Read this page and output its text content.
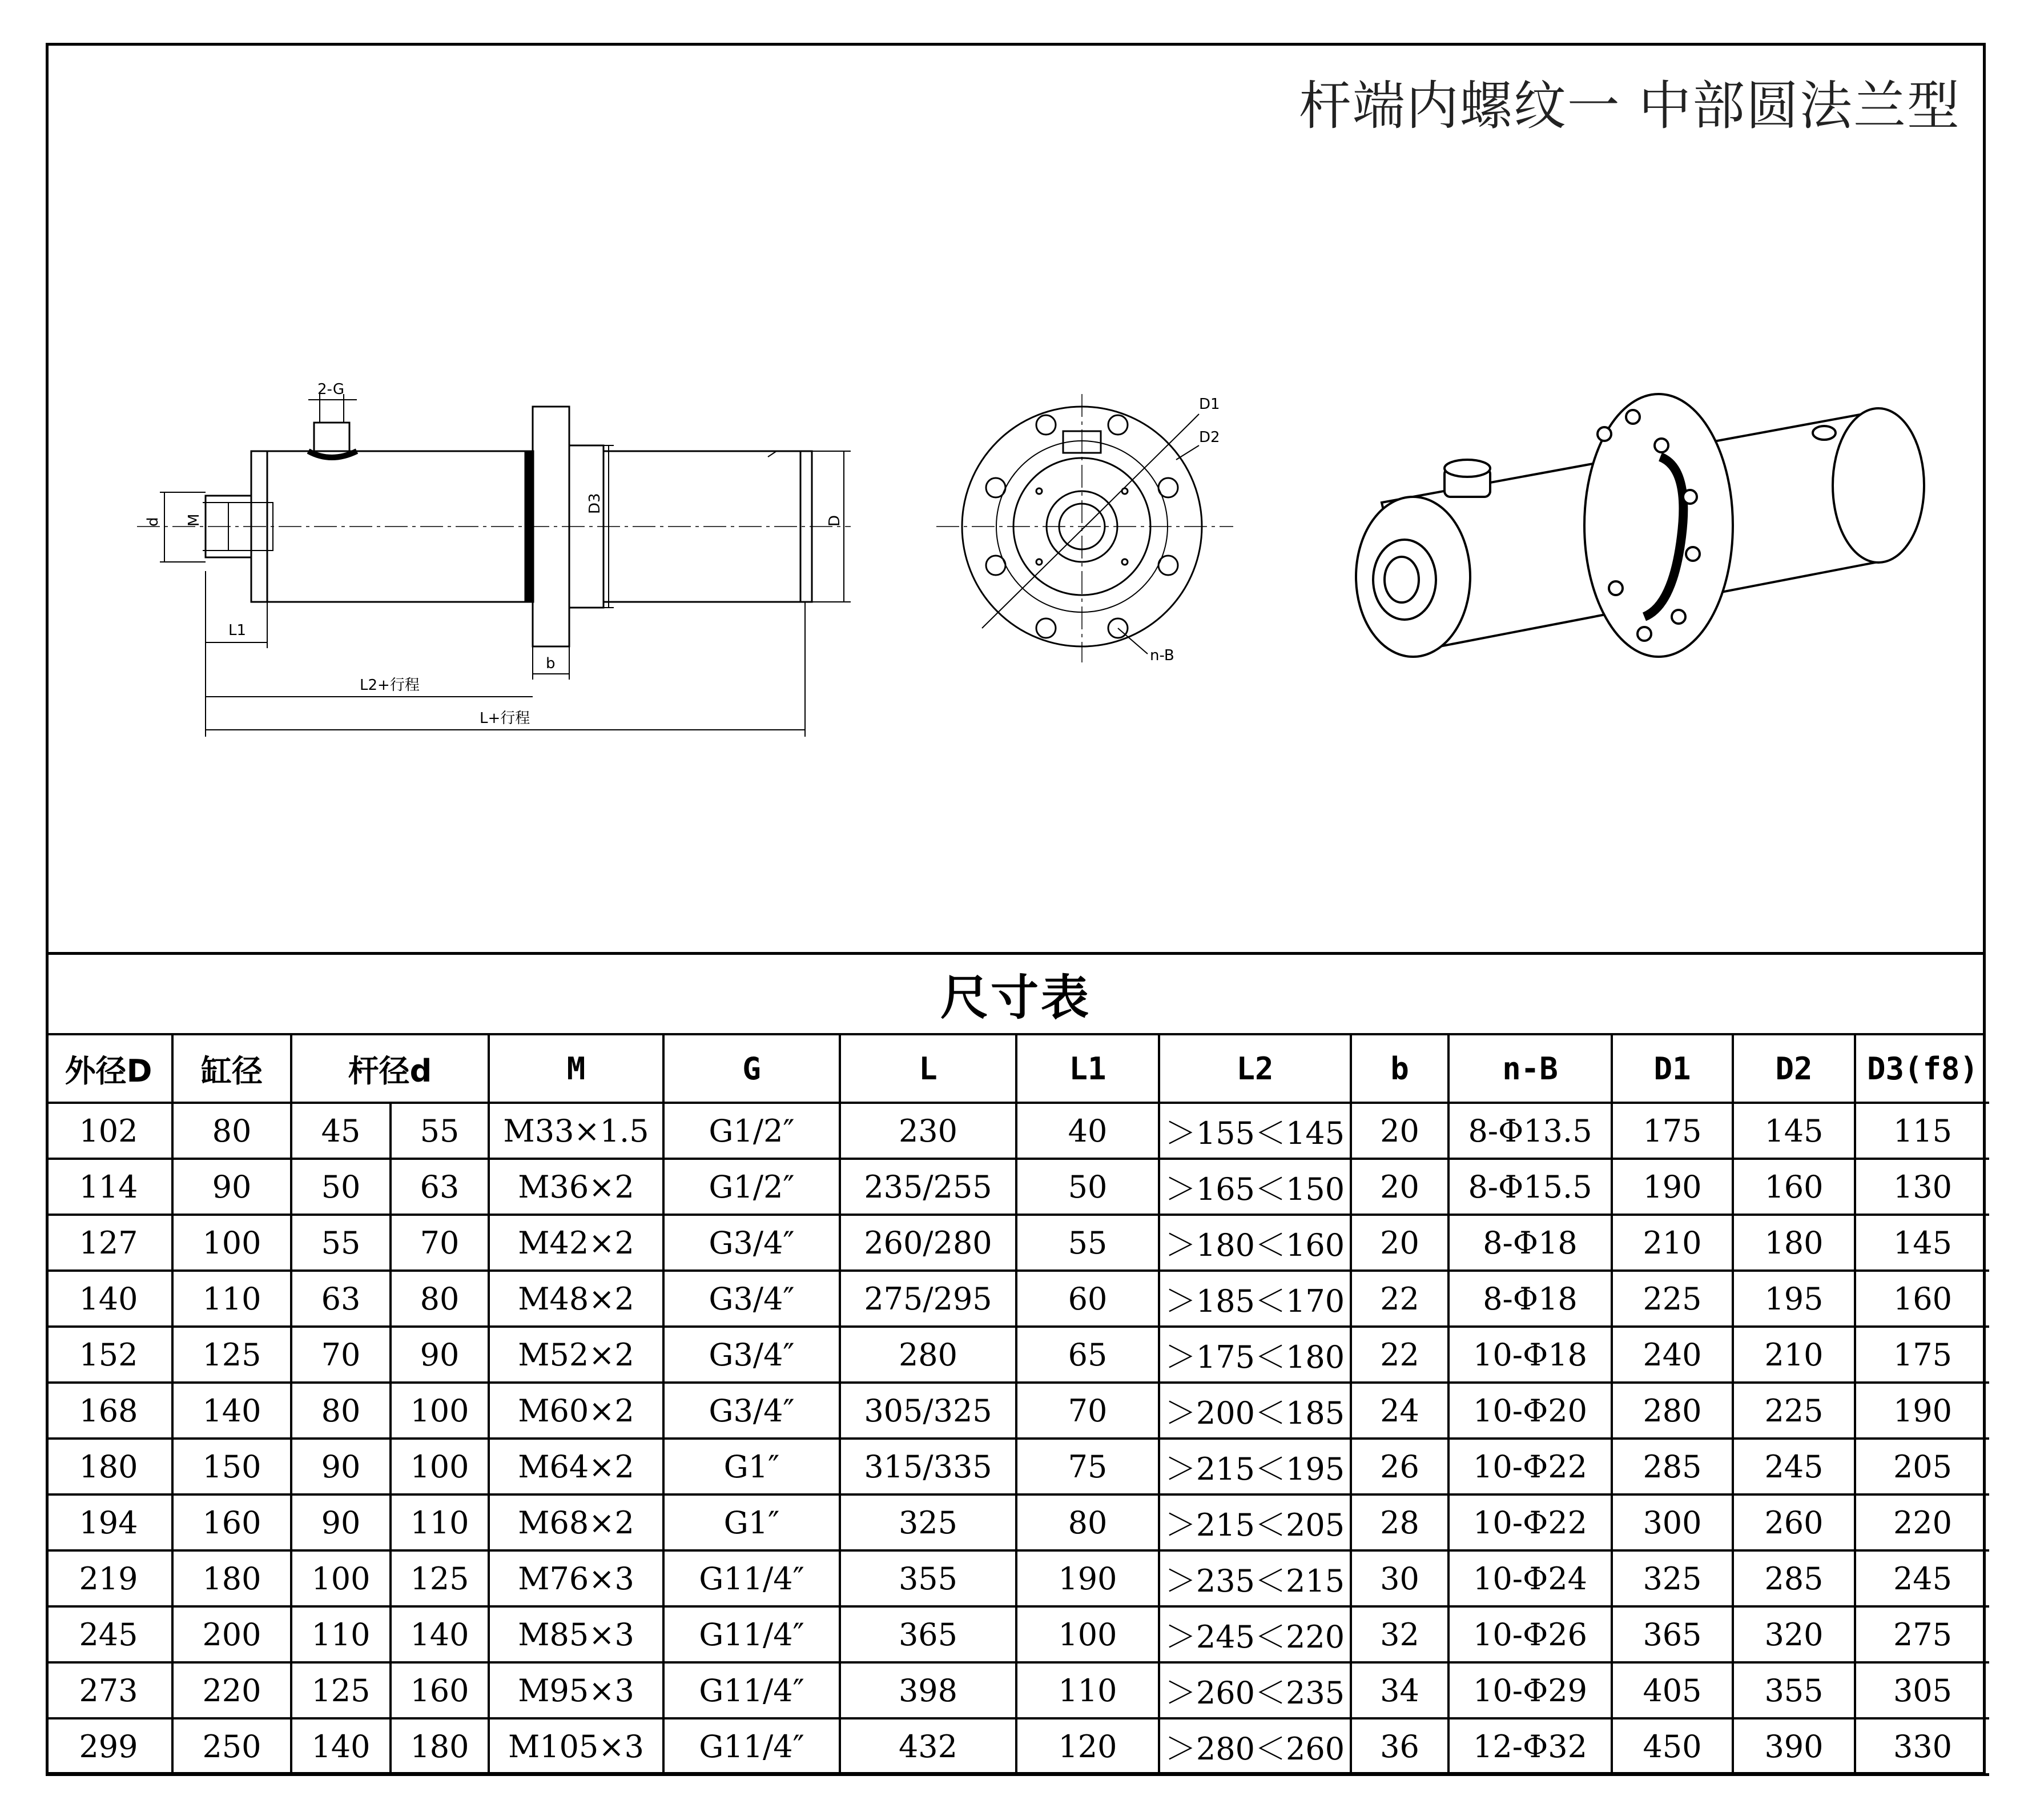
杆端内螺纹一 中部圆法兰型
2-G
d M
L1
L2+行程
L+行程
b
D3
D
D1
D2
n-B
尺寸表
外径D	缸径	杆径d		M	G	L	L1	L2	b	n-B	D1	D2	D3(f8)
102	80	45	55	M33×1.5	G1/2″	230	40	＞155＜145	20	8-Φ13.5	175	145	115
114	90	50	63	M36×2	G1/2″	235/255	50	＞165＜150	20	8-Φ15.5	190	160	130
127	100	55	70	M42×2	G3/4″	260/280	55	＞180＜160	20	8-Φ18	210	180	145
140	110	63	80	M48×2	G3/4″	275/295	60	＞185＜170	22	8-Φ18	225	195	160
152	125	70	90	M52×2	G3/4″	280	65	＞175＜180	22	10-Φ18	240	210	175
168	140	80	100	M60×2	G3/4″	305/325	70	＞200＜185	24	10-Φ20	280	225	190
180	150	90	100	M64×2	G1″	315/335	75	＞215＜195	26	10-Φ22	285	245	205
194	160	90	110	M68×2	G1″	325	80	＞215＜205	28	10-Φ22	300	260	220
219	180	100	125	M76×3	G11/4″	355	190	＞235＜215	30	10-Φ24	325	285	245
245	200	110	140	M85×3	G11/4″	365	100	＞245＜220	32	10-Φ26	365	320	275
273	220	125	160	M95×3	G11/4″	398	110	＞260＜235	34	10-Φ29	405	355	305
299	250	140	180	M105×3	G11/4″	432	120	＞280＜260	36	12-Φ32	450	390	330
